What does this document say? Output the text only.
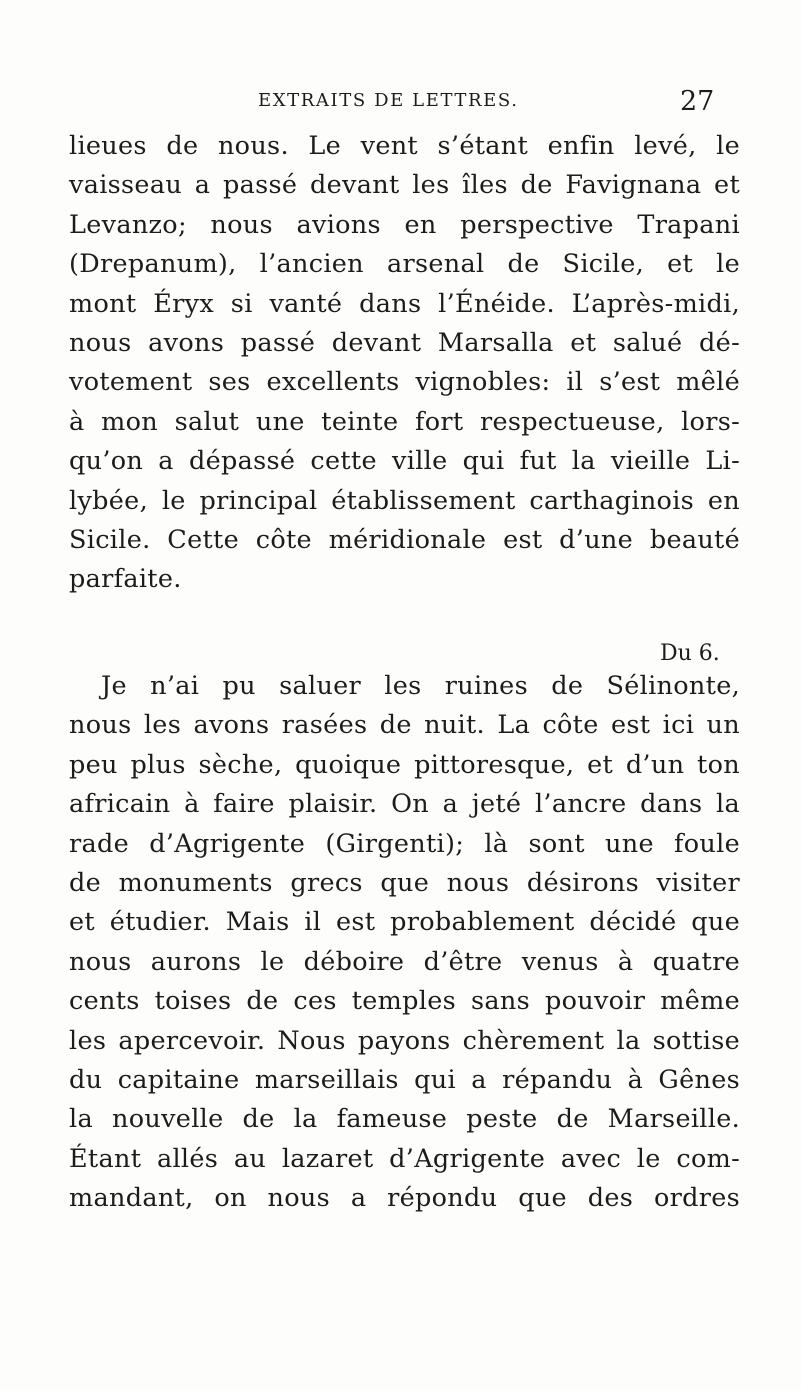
EXTRAITS DE LETTRES.	27
lieues de nous. Le vent s’étant enfin levé, le
vaisseau a passé devant les îles de Favignana et
Levanzo; nous avions en perspective Trapani
(Drepanum), l’ancien arsenal de Sicile, et le
mont Éryx si vanté dans l’Énéide. L’après-midi,
nous avons passé devant Marsalla et salué dé-
votement ses excellents vignobles: il s’est mêlé
à mon salut une teinte fort respectueuse, lors-
qu’on a dépassé cette ville qui fut la vieille Li-
lybée, le principal établissement carthaginois en
Sicile. Cette côte méridionale est d’une beauté
parfaite.
Du 6.
Je n’ai pu saluer les ruines de Sélinonte,
nous les avons rasées de nuit. La côte est ici un
peu plus sèche, quoique pittoresque, et d’un ton
africain à faire plaisir. On a jeté l’ancre dans la
rade d’Agrigente (Girgenti); là sont une foule
de monuments grecs que nous désirons visiter
et étudier. Mais il est probablement décidé que
nous aurons le déboire d’être venus à quatre
cents toises de ces temples sans pouvoir même
les apercevoir. Nous payons chèrement la sottise
du capitaine marseillais qui a répandu à Gênes
la nouvelle de la fameuse peste de Marseille.
Étant allés au lazaret d’Agrigente avec le com-
mandant, on nous a répondu que des ordres
